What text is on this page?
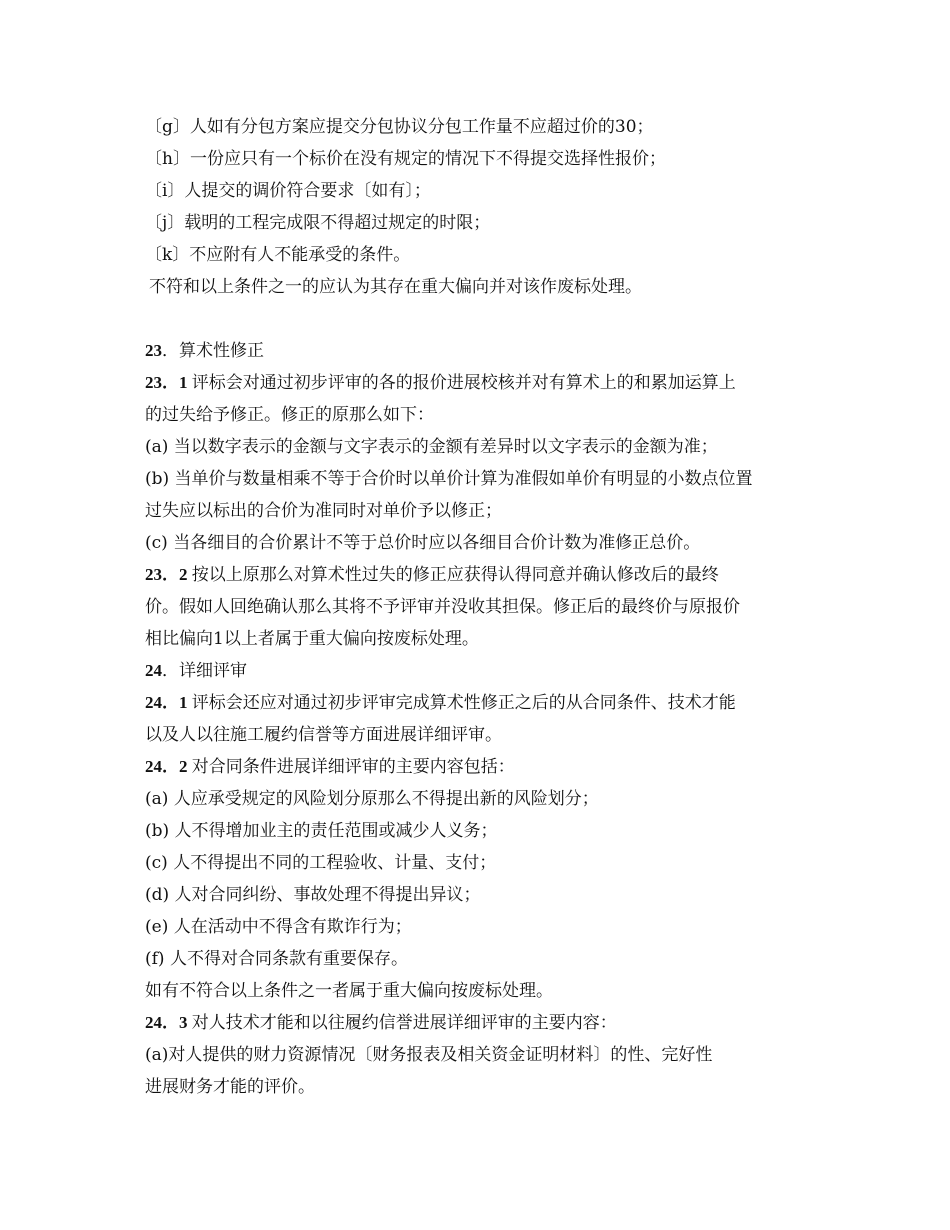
〔g〕人如有分包方案应提交分包协议分包工作量不应超过价的30；
〔h〕一份应只有一个标价在没有规定的情况下不得提交选择性报价；
〔i〕人提交的调价符合要求〔如有〕；
〔j〕载明的工程完成限不得超过规定的时限；
〔k〕不应附有人不能承受的条件。
不符和以上条件之一的应认为其存在重大偏向并对该作废标处理。
23．算术性修正
23．1 评标会对通过初步评审的各的报价进展校核并对有算术上的和累加运算上
的过失给予修正。修正的原那么如下：
(a) 当以数字表示的金额与文字表示的金额有差异时以文字表示的金额为准；
(b) 当单价与数量相乘不等于合价时以单价计算为准假如单价有明显的小数点位置
过失应以标出的合价为准同时对单价予以修正；
(c) 当各细目的合价累计不等于总价时应以各细目合价计数为准修正总价。
23．2 按以上原那么对算术性过失的修正应获得认得同意并确认修改后的最终
价。假如人回绝确认那么其将不予评审并没收其担保。修正后的最终价与原报价
相比偏向1以上者属于重大偏向按废标处理。
24．详细评审
24．1 评标会还应对通过初步评审完成算术性修正之后的从合同条件、技术才能
以及人以往施工履约信誉等方面进展详细评审。
24．2 对合同条件进展详细评审的主要内容包括：
(a) 人应承受规定的风险划分原那么不得提出新的风险划分；
(b) 人不得增加业主的责任范围或减少人义务；
(c) 人不得提出不同的工程验收、计量、支付；
(d) 人对合同纠纷、事故处理不得提出异议；
(e) 人在活动中不得含有欺诈行为；
(f) 人不得对合同条款有重要保存。
如有不符合以上条件之一者属于重大偏向按废标处理。
24．3 对人技术才能和以往履约信誉进展详细评审的主要内容：
(a)对人提供的财力资源情况〔财务报表及相关资金证明材料〕的性、完好性
进展财务才能的评价。
